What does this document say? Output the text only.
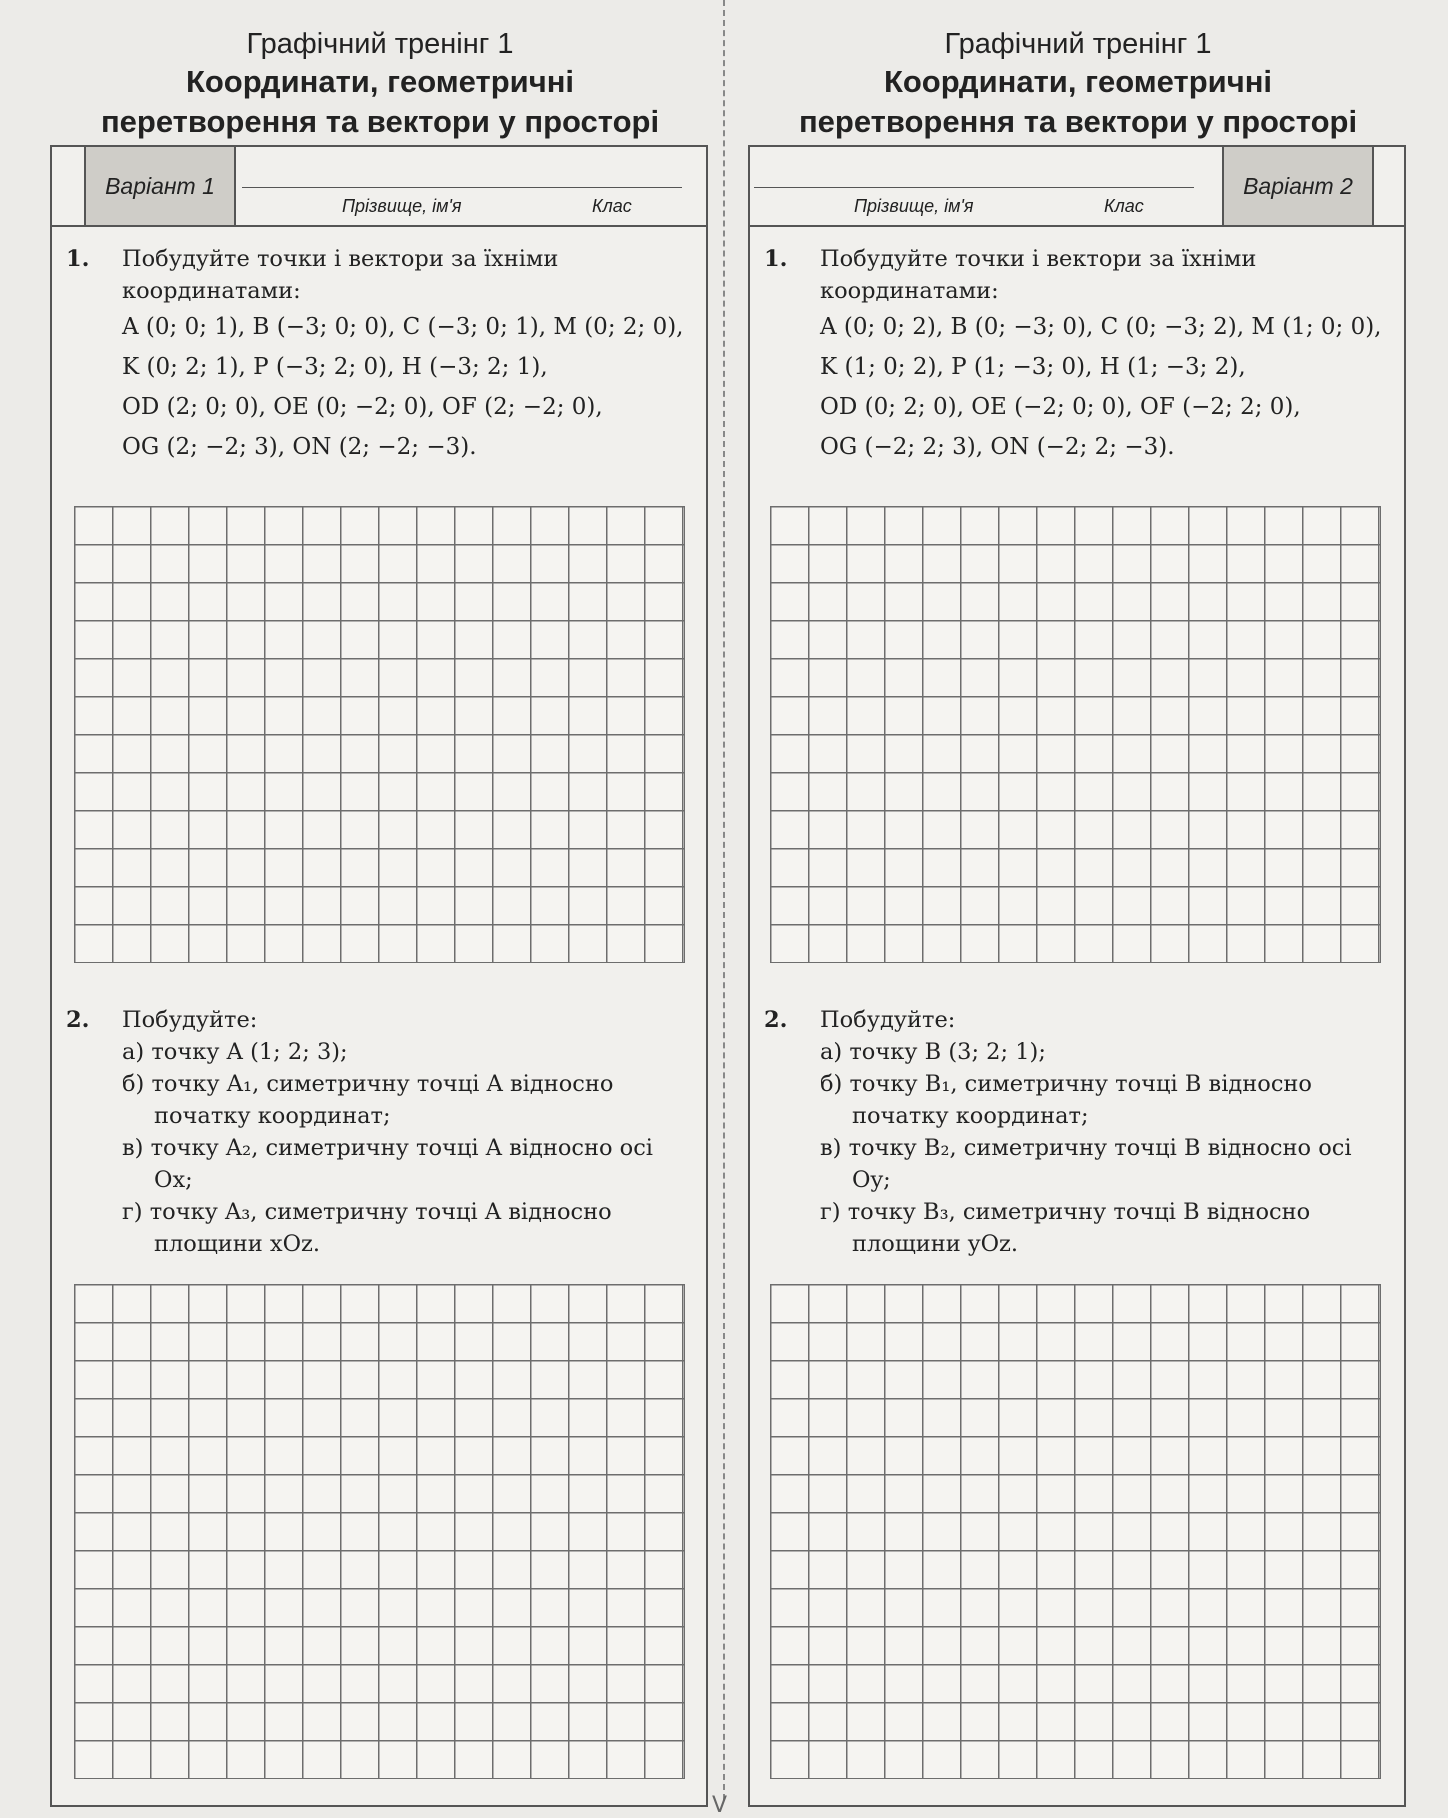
V
Графічний тренінг 1
Координати, геометричні
перетворення та вектори у просторі
Варіант 1
Прізвище, ім'я	Клас
1. Побудуйте точки і вектори за їхніми координатами:
A (0; 0; 1), B (−3; 0; 0), C (−3; 0; 1), M (0; 2; 0),
K (0; 2; 1), P (−3; 2; 0), H (−3; 2; 1),
OD (2; 0; 0), OE (0; −2; 0), OF (2; −2; 0),
OG (2; −2; 3), ON (2; −2; −3).
2. Побудуйте:
а) точку A (1; 2; 3);
б) точку A₁, симетричну точці A відносно початку координат;
в) точку A₂, симетричну точці A відносно осі Ox;
г) точку A₃, симетричну точці A відносно площини xOz.
Графічний тренінг 1
Координати, геометричні
перетворення та вектори у просторі
Прізвище, ім'я	Клас
Варіант 2
1. Побудуйте точки і вектори за їхніми координатами:
A (0; 0; 2), B (0; −3; 0), C (0; −3; 2), M (1; 0; 0),
K (1; 0; 2), P (1; −3; 0), H (1; −3; 2),
OD (0; 2; 0), OE (−2; 0; 0), OF (−2; 2; 0),
OG (−2; 2; 3), ON (−2; 2; −3).
2. Побудуйте:
а) точку B (3; 2; 1);
б) точку B₁, симетричну точці B відносно початку координат;
в) точку B₂, симетричну точці B відносно осі Oy;
г) точку B₃, симетричну точці B відносно площини yOz.
